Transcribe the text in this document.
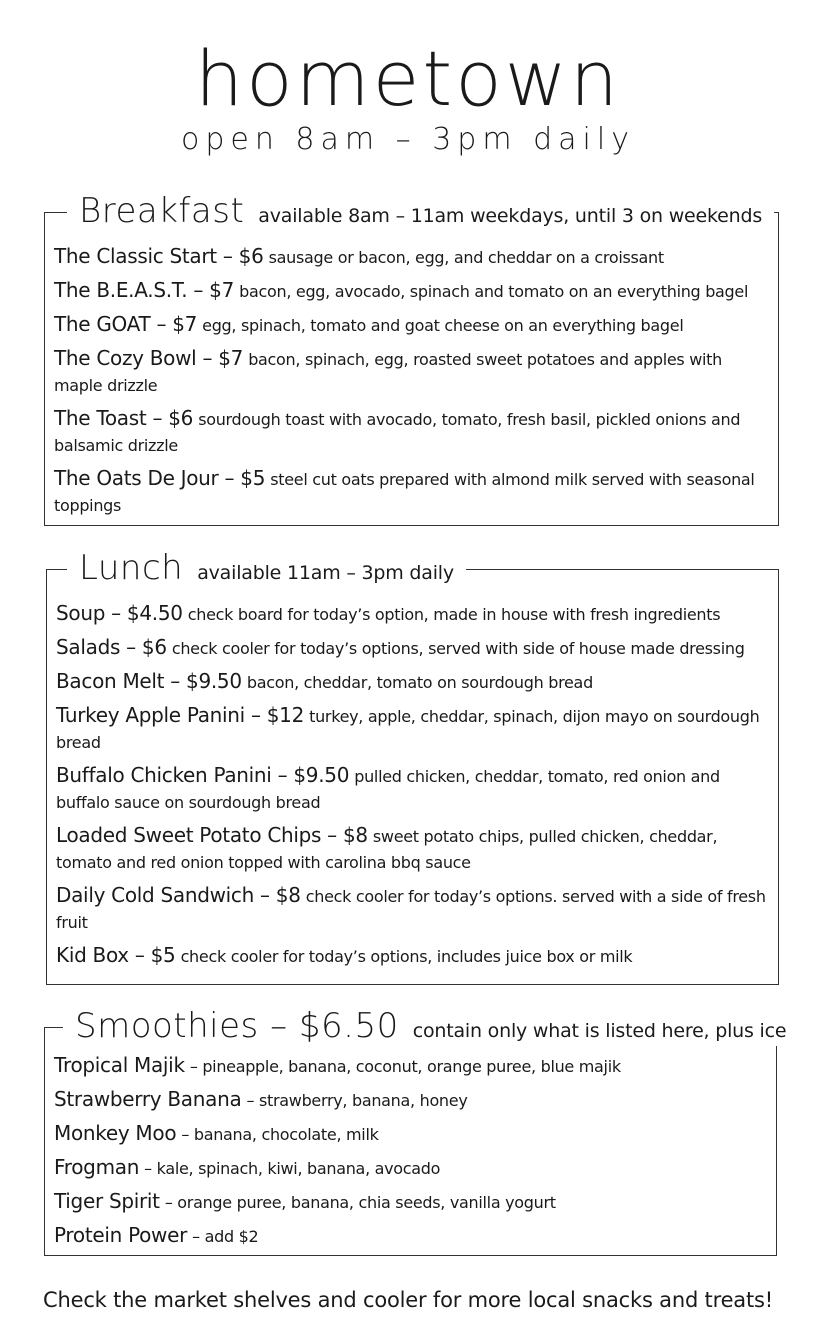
hometown
open 8am – 3pm daily
Breakfast available 8am – 11am weekdays, until 3 on weekends
The Classic Start – $6 sausage or bacon, egg, and cheddar on a croissant
The B.E.A.S.T. – $7 bacon, egg, avocado, spinach and tomato on an everything bagel
The GOAT – $7 egg, spinach, tomato and goat cheese on an everything bagel
The Cozy Bowl – $7 bacon, spinach, egg, roasted sweet potatoes and apples with maple drizzle
The Toast – $6 sourdough toast with avocado, tomato, fresh basil, pickled onions and balsamic drizzle
The Oats De Jour – $5 steel cut oats prepared with almond milk served with seasonal toppings
Lunch available 11am – 3pm daily
Soup – $4.50 check board for today’s option, made in house with fresh ingredients
Salads – $6 check cooler for today’s options, served with side of house made dressing
Bacon Melt – $9.50 bacon, cheddar, tomato on sourdough bread
Turkey Apple Panini – $12 turkey, apple, cheddar, spinach, dijon mayo on sourdough bread
Buffalo Chicken Panini – $9.50 pulled chicken, cheddar, tomato, red onion and buffalo sauce on sourdough bread
Loaded Sweet Potato Chips – $8 sweet potato chips, pulled chicken, cheddar, tomato and red onion topped with carolina bbq sauce
Daily Cold Sandwich – $8 check cooler for today’s options. served with a side of fresh fruit
Kid Box – $5 check cooler for today’s options, includes juice box or milk
Smoothies – $6.50 contain only what is listed here, plus ice
Tropical Majik – pineapple, banana, coconut, orange puree, blue majik
Strawberry Banana – strawberry, banana, honey
Monkey Moo – banana, chocolate, milk
Frogman – kale, spinach, kiwi, banana, avocado
Tiger Spirit – orange puree, banana, chia seeds, vanilla yogurt
Protein Power – add $2
Check the market shelves and cooler for more local snacks and treats!
